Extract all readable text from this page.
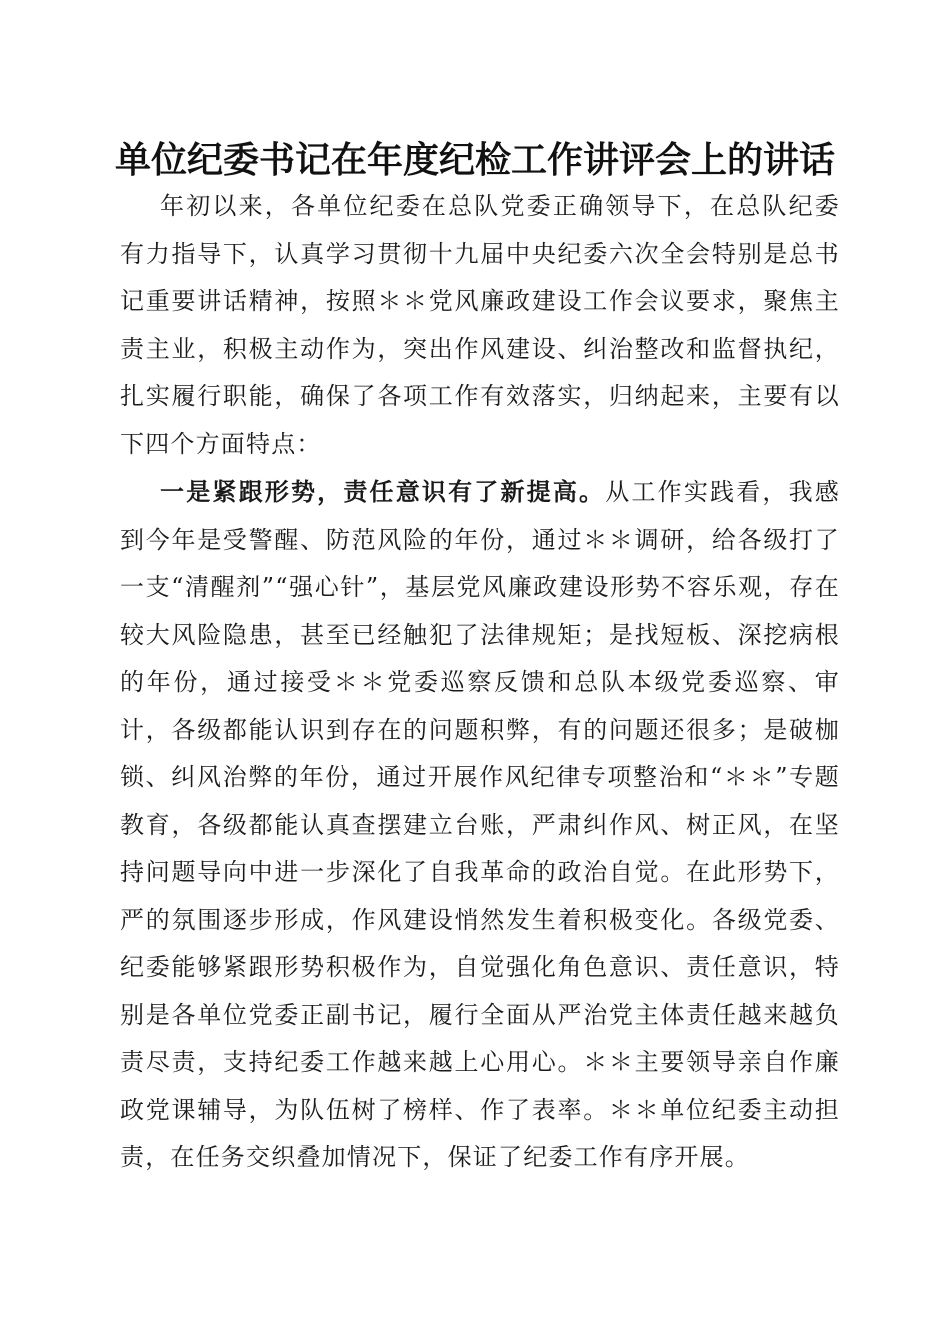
单位纪委书记在年度纪检工作讲评会上的讲话

年初以来，各单位纪委在总队党委正确领导下，在总队纪委有力指导下，认真学习贯彻十九届中央纪委六次全会特别是总书记重要讲话精神，按照＊＊党风廉政建设工作会议要求，聚焦主责主业，积极主动作为，突出作风建设、纠治整改和监督执纪，扎实履行职能，确保了各项工作有效落实，归纳起来，主要有以下四个方面特点：

一是紧跟形势，责任意识有了新提高。从工作实践看，我感到今年是受警醒、防范风险的年份，通过＊＊调研，给各级打了一支“清醒剂”“强心针”，基层党风廉政建设形势不容乐观，存在较大风险隐患，甚至已经触犯了法律规矩；是找短板、深挖病根的年份，通过接受＊＊党委巡察反馈和总队本级党委巡察、审计，各级都能认识到存在的问题积弊，有的问题还很多；是破枷锁、纠风治弊的年份，通过开展作风纪律专项整治和“＊＊”专题教育，各级都能认真查摆建立台账，严肃纠作风、树正风，在坚持问题导向中进一步深化了自我革命的政治自觉。在此形势下，严的氛围逐步形成，作风建设悄然发生着积极变化。各级党委、纪委能够紧跟形势积极作为，自觉强化角色意识、责任意识，特别是各单位党委正副书记，履行全面从严治党主体责任越来越负责尽责，支持纪委工作越来越上心用心。＊＊主要领导亲自作廉政党课辅导，为队伍树了榜样、作了表率。＊＊单位纪委主动担责，在任务交织叠加情况下，保证了纪委工作有序开展。
